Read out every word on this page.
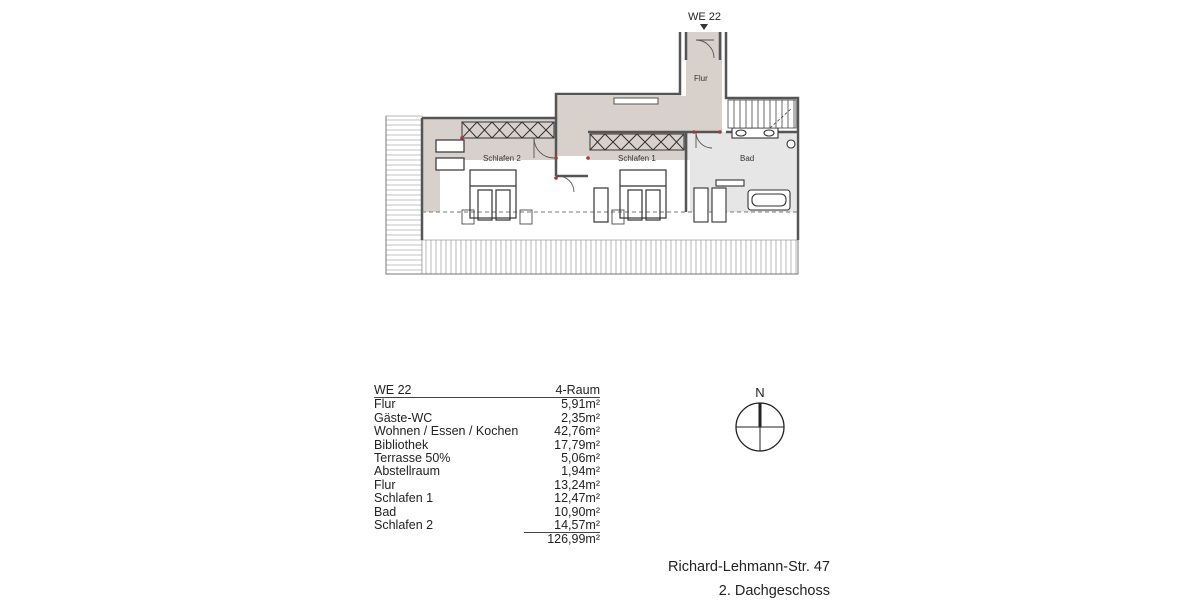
WE 22
Flur
Schlafen 2	Schlafen 1	Bad
WE 22	4-Raum
Flur	5,91m²
Gäste-WC	2,35m²
Wohnen / Essen / Kochen	42,76m²
Bibliothek	17,79m²
Terrasse 50%	5,06m²
Abstellraum	1,94m²
Flur	13,24m²
Schlafen 1	12,47m²
Bad	10,90m²
Schlafen 2	14,57m²
126,99m²
N
Richard-Lehmann-Str. 47
2. Dachgeschoss
